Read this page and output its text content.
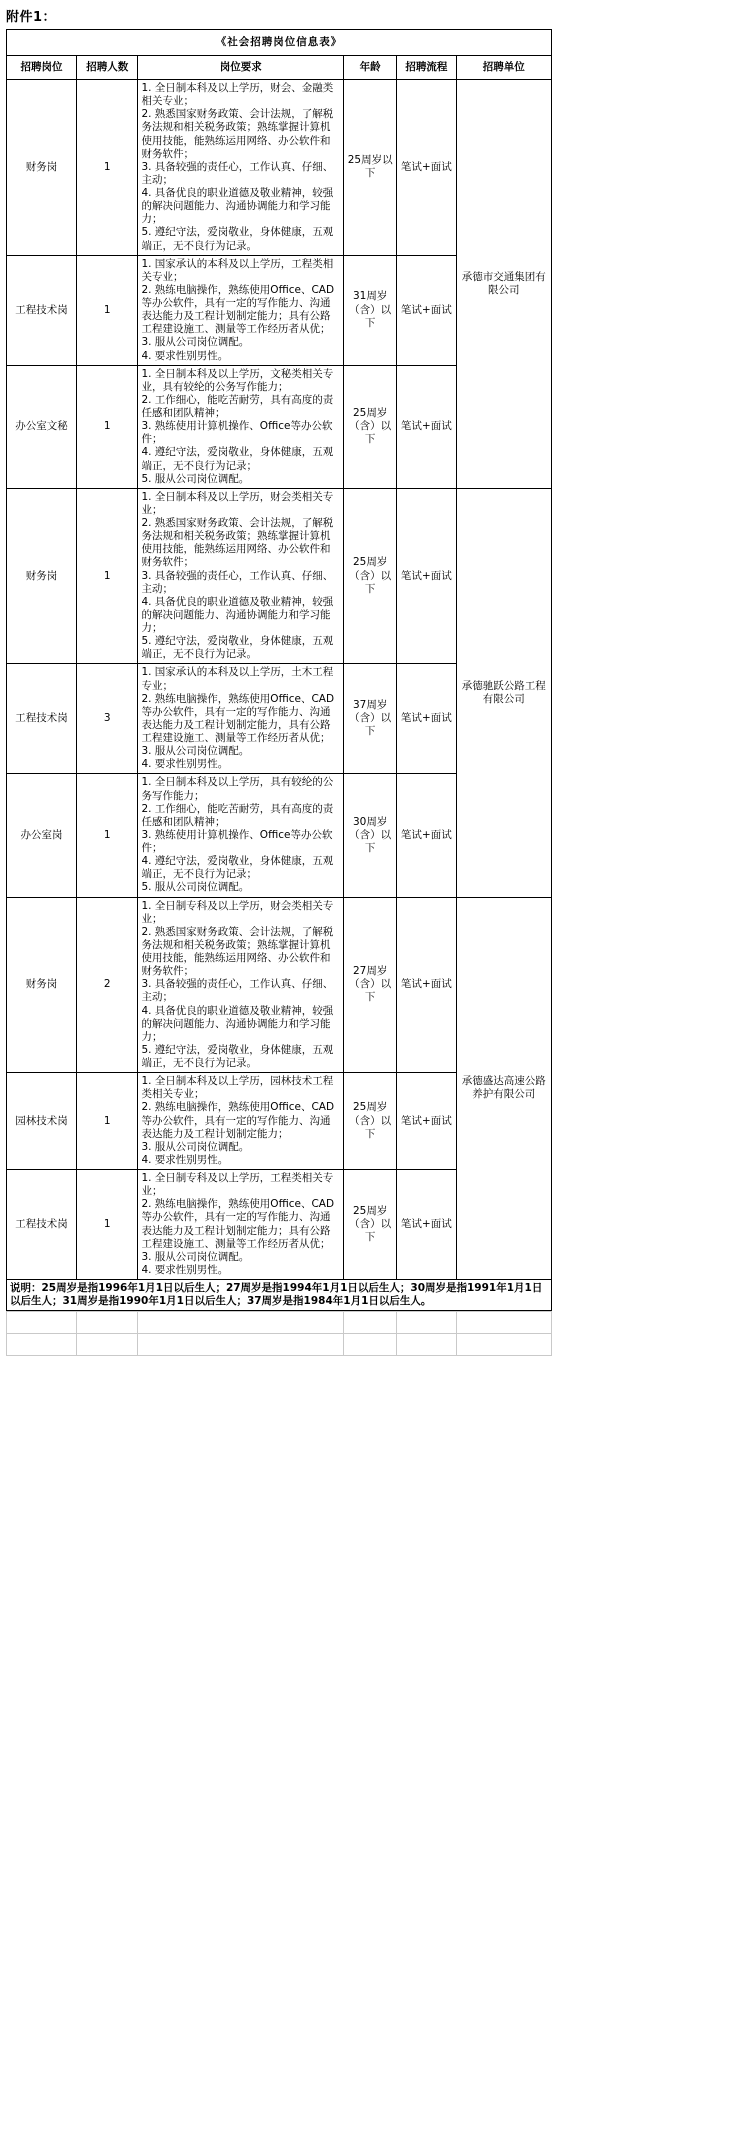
附件1：
《社会招聘岗位信息表》					
招聘岗位	招聘人数	岗位要求	年龄	招聘流程	招聘单位
财务岗	1	1. 全日制本科及以上学历，财会、金融类相关专业；
2. 熟悉国家财务政策、会计法规，了解税务法规和相关税务政策；熟练掌握计算机使用技能，能熟练运用网络、办公软件和财务软件；
3. 具备较强的责任心，工作认真、仔细、主动；
4. 具备优良的职业道德及敬业精神，较强的解决问题能力、沟通协调能力和学习能力；
5. 遵纪守法，爱岗敬业，身体健康，五观端正，无不良行为记录。	25周岁以下	笔试+面试	承德市交通集团有限公司
工程技术岗	1	1. 国家承认的本科及以上学历，工程类相关专业；
2. 熟练电脑操作，熟练使用Office、CAD等办公软件，具有一定的写作能力、沟通表达能力及工程计划制定能力；具有公路工程建设施工、测量等工作经历者从优；
3. 服从公司岗位调配。
4. 要求性别男性。	31周岁（含）以下	笔试+面试	
办公室文秘	1	1. 全日制本科及以上学历，文秘类相关专业，具有较纶的公务写作能力；
2. 工作细心，能吃苦耐劳，具有高度的责任感和团队精神；
3. 熟练使用计算机操作、Office等办公软件；
4. 遵纪守法，爱岗敬业，身体健康，五观端正，无不良行为记录；
5. 服从公司岗位调配。	25周岁（含）以下	笔试+面试	
财务岗	1	1. 全日制本科及以上学历，财会类相关专业；
2. 熟悉国家财务政策、会计法规，了解税务法规和相关税务政策；熟练掌握计算机使用技能，能熟练运用网络、办公软件和财务软件；
3. 具备较强的责任心，工作认真、仔细、主动；
4. 具备优良的职业道德及敬业精神，较强的解决问题能力、沟通协调能力和学习能力；
5. 遵纪守法，爱岗敬业，身体健康，五观端正，无不良行为记录。	25周岁（含）以下	笔试+面试	承德驰跃公路工程有限公司
工程技术岗	3	1. 国家承认的本科及以上学历，土木工程专业；
2. 熟练电脑操作，熟练使用Office、CAD等办公软件，具有一定的写作能力、沟通表达能力及工程计划制定能力，具有公路工程建设施工、测量等工作经历者从优；
3. 服从公司岗位调配。
4. 要求性别男性。	37周岁（含）以下	笔试+面试	
办公室岗	1	1. 全日制本科及以上学历，具有较纶的公务写作能力；
2. 工作细心，能吃苦耐劳，具有高度的责任感和团队精神；
3. 熟练使用计算机操作、Office等办公软件；
4. 遵纪守法，爱岗敬业，身体健康，五观端正，无不良行为记录；
5. 服从公司岗位调配。	30周岁（含）以下	笔试+面试	
财务岗	2	1. 全日制专科及以上学历，财会类相关专业；
2. 熟悉国家财务政策、会计法规，了解税务法规和相关税务政策；熟练掌握计算机使用技能，能熟练运用网络、办公软件和财务软件；
3. 具备较强的责任心，工作认真、仔细、主动；
4. 具备优良的职业道德及敬业精神，较强的解决问题能力、沟通协调能力和学习能力；
5. 遵纪守法，爱岗敬业，身体健康，五观端正，无不良行为记录。	27周岁（含）以下	笔试+面试	承德盛达高速公路养护有限公司
园林技术岗	1	1. 全日制本科及以上学历，园林技术工程类相关专业；
2. 熟练电脑操作，熟练使用Office、CAD等办公软件，具有一定的写作能力、沟通表达能力及工程计划制定能力；
3. 服从公司岗位调配。
4. 要求性别男性。	25周岁（含）以下	笔试+面试	
工程技术岗	1	1. 全日制专科及以上学历，工程类相关专业；
2. 熟练电脑操作，熟练使用Office、CAD等办公软件，具有一定的写作能力、沟通表达能力及工程计划制定能力；具有公路工程建设施工、测量等工作经历者从优；
3. 服从公司岗位调配。
4. 要求性别男性。	25周岁（含）以下	笔试+面试	
说明：25周岁是指1996年1月1日以后生人；27周岁是指1994年1月1日以后生人；30周岁是指1991年1月1日以后生人；31周岁是指1990年1月1日以后生人；37周岁是指1984年1月1日以后生人。					
